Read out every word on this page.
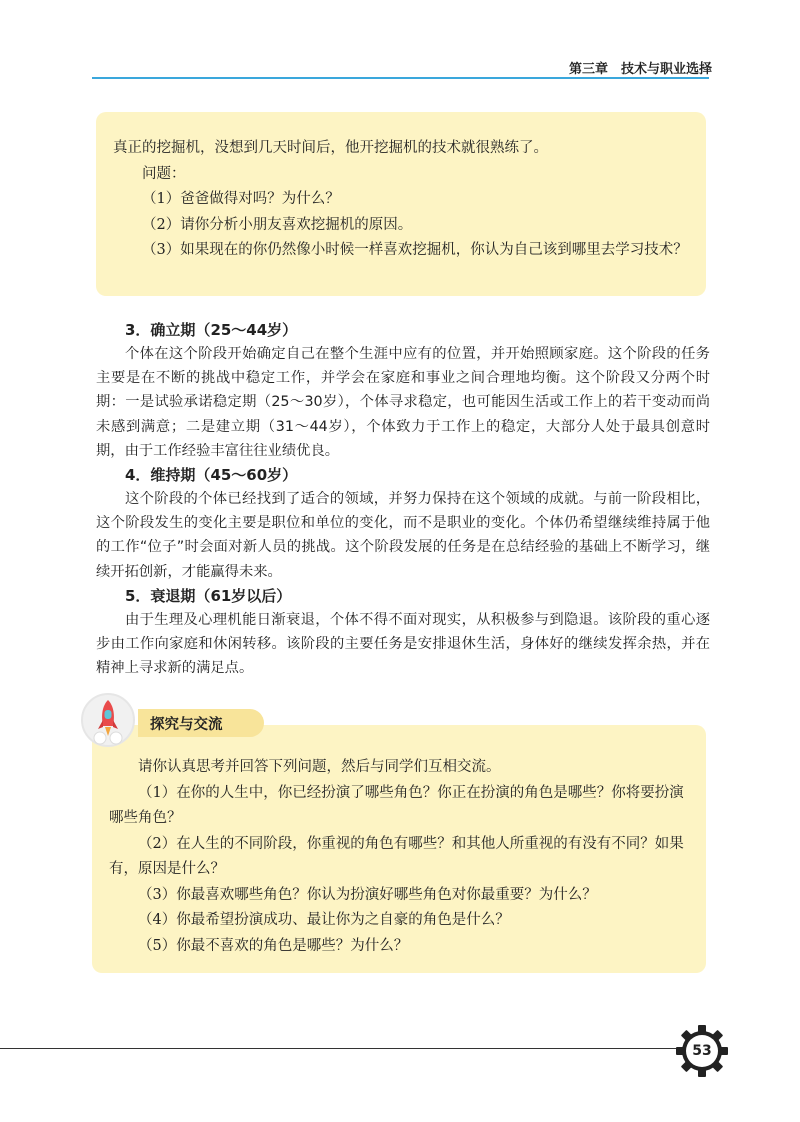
第三章　技术与职业选择

真正的挖掘机，没想到几天时间后，他开挖掘机的技术就很熟练了。

问题：

（1）爸爸做得对吗？为什么？

（2）请你分析小朋友喜欢挖掘机的原因。

（3）如果现在的你仍然像小时候一样喜欢挖掘机，你认为自己该到哪里去学习技术？

3．确立期（25～44岁）

个体在这个阶段开始确定自己在整个生涯中应有的位置，并开始照顾家庭。这个阶段的任务主要是在不断的挑战中稳定工作，并学会在家庭和事业之间合理地均衡。这个阶段又分两个时期：一是试验承诺稳定期（25～30岁），个体寻求稳定，也可能因生活或工作上的若干变动而尚未感到满意；二是建立期（31～44岁），个体致力于工作上的稳定，大部分人处于最具创意时期，由于工作经验丰富往往业绩优良。

4．维持期（45～60岁）

这个阶段的个体已经找到了适合的领域，并努力保持在这个领域的成就。与前一阶段相比，这个阶段发生的变化主要是职位和单位的变化，而不是职业的变化。个体仍希望继续维持属于他的工作“位子”时会面对新人员的挑战。这个阶段发展的任务是在总结经验的基础上不断学习，继续开拓创新，才能赢得未来。

5．衰退期（61岁以后）

由于生理及心理机能日渐衰退，个体不得不面对现实，从积极参与到隐退。该阶段的重心逐步由工作向家庭和休闲转移。该阶段的主要任务是安排退休生活，身体好的继续发挥余热，并在精神上寻求新的满足点。

请你认真思考并回答下列问题，然后与同学们互相交流。

（1）在你的人生中，你已经扮演了哪些角色？你正在扮演的角色是哪些？你将要扮演哪些角色？

（2）在人生的不同阶段，你重视的角色有哪些？和其他人所重视的有没有不同？如果有，原因是什么？

（3）你最喜欢哪些角色？你认为扮演好哪些角色对你最重要？为什么？

（4）你最希望扮演成功、最让你为之自豪的角色是什么？

（5）你最不喜欢的角色是哪些？为什么？

探究与交流
53
